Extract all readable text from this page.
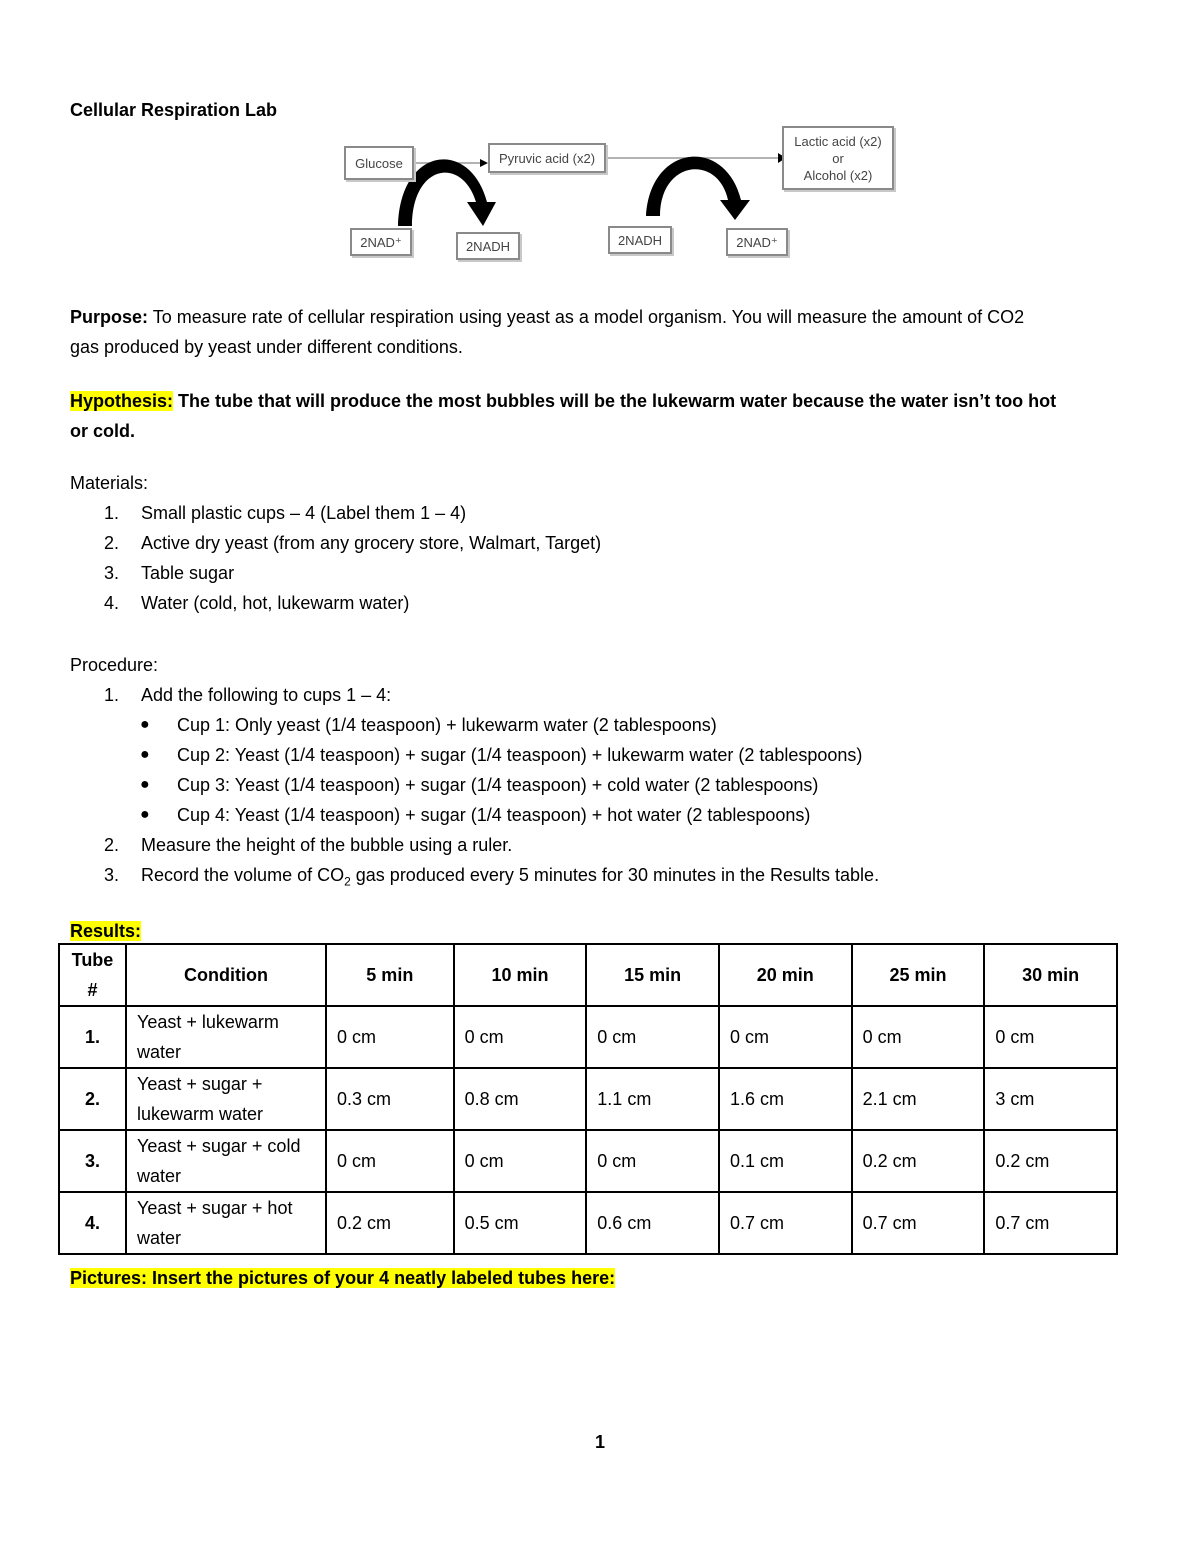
Cellular Respiration Lab

Glucose	Pyruvic acid (x2)
Lactic acid (x2)
or
Alcohol (x2)
2NAD⁺	2NADH	2NADH	2NAD⁺
Purpose: To measure rate of cellular respiration using yeast as a model organism. You will measure the amount of CO2
gas produced by yeast under different conditions.
Hypothesis: The tube that will produce the most bubbles will be the lukewarm water because the water isn’t too hot
or cold.
Materials:
1. Small plastic cups – 4 (Label them 1 – 4)
2. Active dry yeast (from any grocery store, Walmart, Target)
3. Table sugar
4. Water (cold, hot, lukewarm water)
Procedure:
1. Add the following to cups 1 – 4:
● Cup 1: Only yeast (1/4 teaspoon) + lukewarm water (2 tablespoons)
● Cup 2: Yeast (1/4 teaspoon) + sugar (1/4 teaspoon) + lukewarm water (2 tablespoons)
● Cup 3: Yeast (1/4 teaspoon) + sugar (1/4 teaspoon) + cold water (2 tablespoons)
● Cup 4: Yeast (1/4 teaspoon) + sugar (1/4 teaspoon) + hot water (2 tablespoons)
2. Measure the height of the bubble using a ruler.
3. Record the volume of $CO_2$ gas produced every 5 minutes for 30 minutes in the Results table.
Results:
Tube #	Condition	5 min	10 min	15 min	20 min	25 min	30 min
1.	Yeast + lukewarm water	0 cm	0 cm	0 cm	0 cm	0 cm	0 cm
2.	Yeast + sugar + lukewarm water	0.3 cm	0.8 cm	1.1 cm	1.6 cm	2.1 cm	3 cm
3.	Yeast + sugar + cold water	0 cm	0 cm	0 cm	0.1 cm	0.2 cm	0.2 cm
4.	Yeast + sugar + hot water	0.2 cm	0.5 cm	0.6 cm	0.7 cm	0.7 cm	0.7 cm
Pictures: Insert the pictures of your 4 neatly labeled tubes here:
1
